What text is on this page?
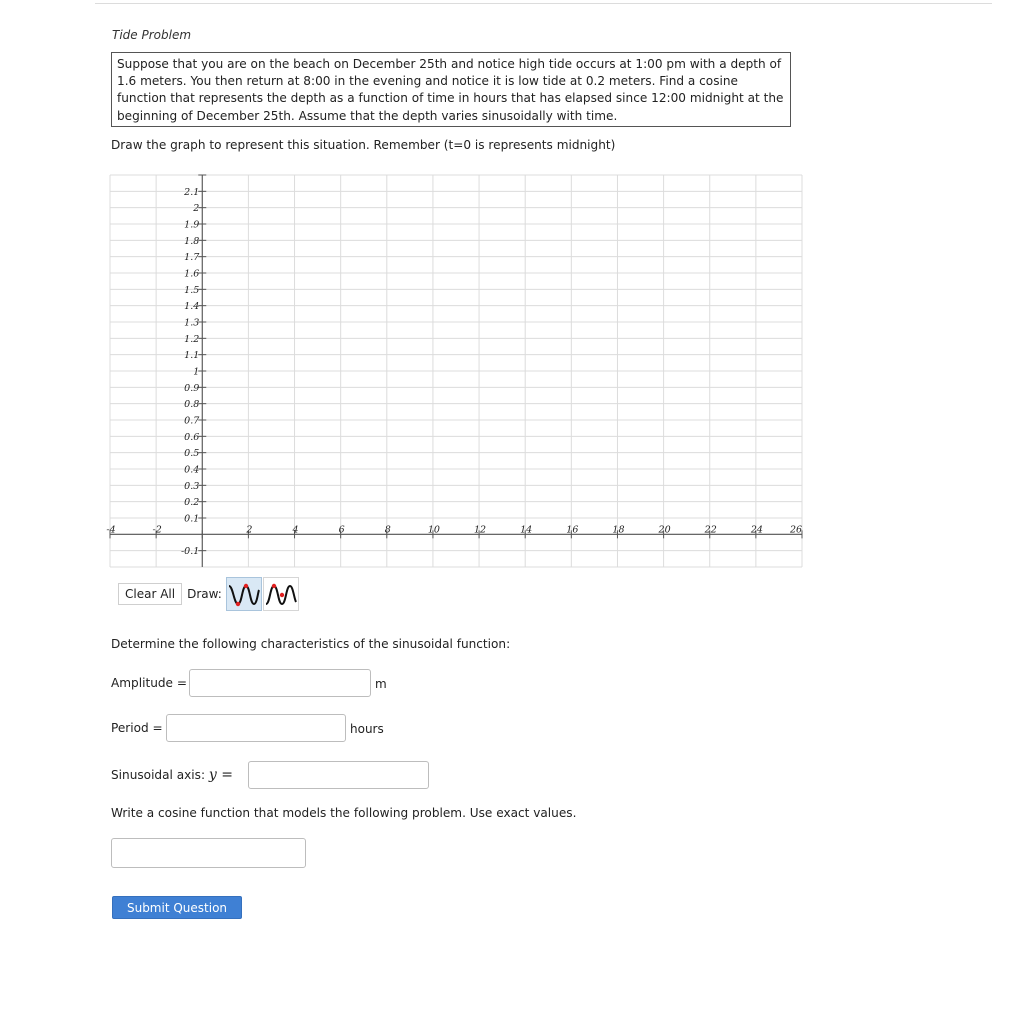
Tide Problem
Suppose that you are on the beach on December 25th and notice high tide occurs at 1:00 pm with a depth of 1.6 meters. You then return at 8:00 in the evening and notice it is low tide at 0.2 meters. Find a cosine function that represents the depth as a function of time in hours that has elapsed since 12:00 midnight at the beginning of December 25th. Assume that the depth varies sinusoidally with time.
Draw the graph to represent this situation. Remember (t=0 is represents midnight)
-4	-2	2	4	6	8	10	12	14	16	18	20	22	24	26
-0.1
0.1
0.2
0.3
0.4
0.5
0.6
0.7
0.8
0.9
1
1.1
1.2
1.3
1.4
1.5
1.6
1.7
1.8
1.9
2
2.1
Clear All	Draw:
Determine the following characteristics of the sinusoidal function:
Amplitude =	m
Period =	hours
Sinusoidal axis: y =
Write a cosine function that models the following problem. Use exact values.
Submit Question
